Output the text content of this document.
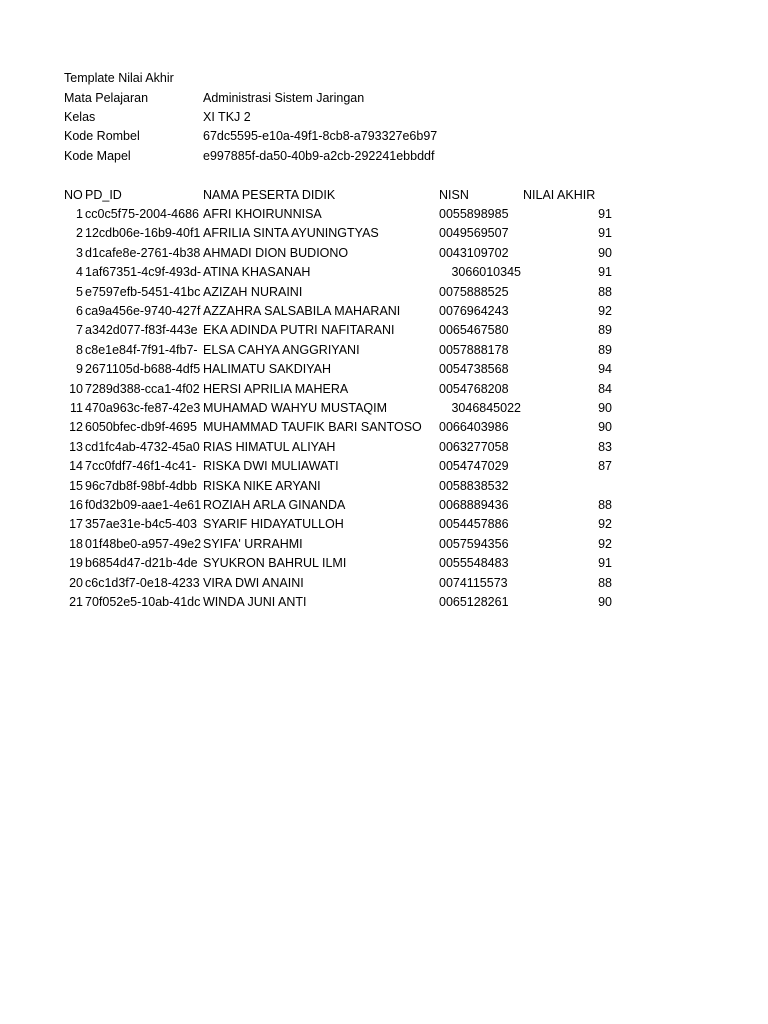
Template Nilai Akhir
Mata Pelajaran	Administrasi Sistem Jaringan
Kelas	XI TKJ 2
Kode Rombel	67dc5595-e10a-49f1-8cb8-a793327e6b97
Kode Mapel	e997885f-da50-40b9-a2cb-292241ebbddf
NO PD_ID	NAMA PESERTA DIDIK	NISN	NILAI AKHIR
1 cc0c5f75-2004-4686 AFRI KHOIRUNNISA	0055898985	91
2 12cdb06e-16b9-40f1 AFRILIA SINTA AYUNINGTYAS	0049569507	91
3 d1cafe8e-2761-4b38 AHMADI DION BUDIONO	0043109702	90
4 1af67351-4c9f-493d- ATINA KHASANAH	3066010345	91
5 e7597efb-5451-41bc AZIZAH NURAINI	0075888525	88
6 ca9a456e-9740-427f AZZAHRA SALSABILA MAHARANI	0076964243	92
7 a342d077-f83f-443e EKA ADINDA PUTRI NAFITARANI	0065467580	89
8 c8e1e84f-7f91-4fb7- ELSA CAHYA ANGGRIYANI	0057888178	89
9 2671105d-b688-4df5 HALIMATU SAKDIYAH	0054738568	94
10 7289d388-cca1-4f02 HERSI APRILIA MAHERA	0054768208	84
11 470a963c-fe87-42e3 MUHAMAD WAHYU MUSTAQIM	3046845022	90
12 6050bfec-db9f-4695 MUHAMMAD TAUFIK BARI SANTOSO	0066403986	90
13 cd1fc4ab-4732-45a0 RIAS HIMATUL ALIYAH	0063277058	83
14 7cc0fdf7-46f1-4c41- RISKA DWI MULIAWATI	0054747029	87
15 96c7db8f-98bf-4dbb RISKA NIKE ARYANI	0058838532
16 f0d32b09-aae1-4e61 ROZIAH ARLA GINANDA	0068889436	88
17 357ae31e-b4c5-403 SYARIF HIDAYATULLOH	0054457886	92
18 01f48be0-a957-49e2 SYIFA' URRAHMI	0057594356	92
19 b6854d47-d21b-4de SYUKRON BAHRUL ILMI	0055548483	91
20 c6c1d3f7-0e18-4233 VIRA DWI ANAINI	0074115573	88
21 70f052e5-10ab-41dc WINDA JUNI ANTI	0065128261	90
